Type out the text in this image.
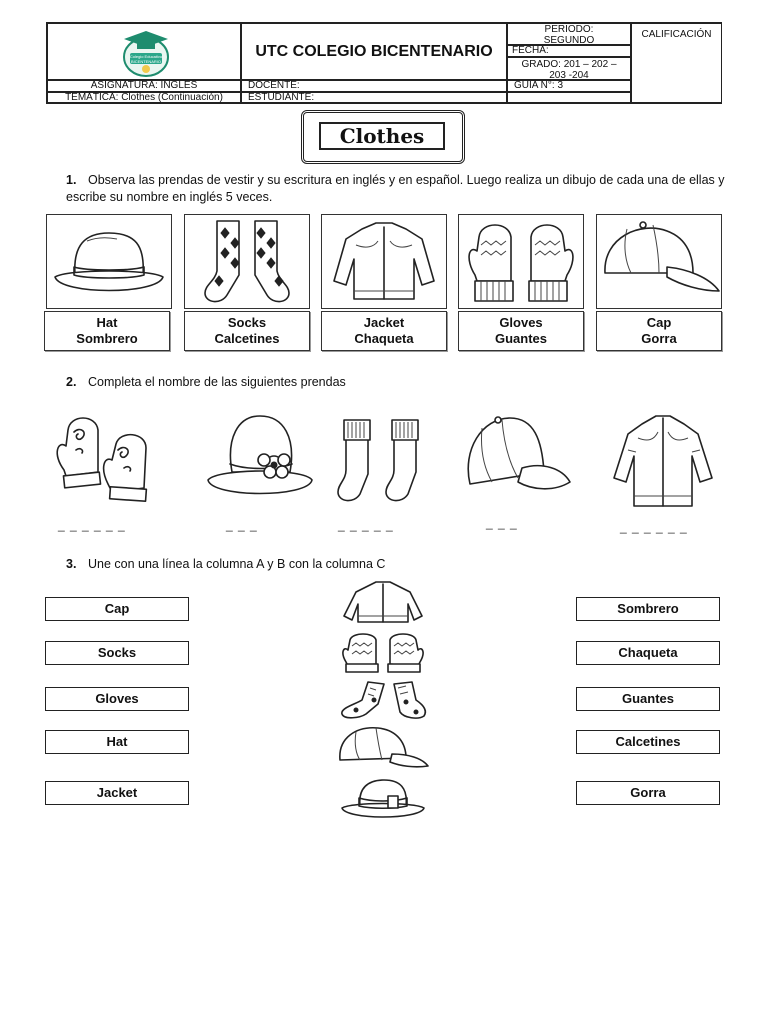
Colegio Educativo BICENTENARIO
UTC COLEGIO BICENTENARIO
PERIODO: SEGUNDO
CALIFICACIÓN
FECHA:
GRADO: 201 – 202 – 203 -204
ASIGNATURA: INGLES	DOCENTE:	GUIA N°: 3
TEMÁTICA: Clothes (Continuación)	ESTUDIANTE:
Clothes
1. Observa las prendas de vestir y su escritura en inglés y en español. Luego realiza un dibujo de cada una de ellas y escribe su nombre en inglés 5 veces.
Hat
Sombrero
Socks
Calcetines
Jacket
Chaqueta
Gloves
Guantes
Cap
Gorra
2. Completa el nombre de las siguientes prendas
_ _ _ _ _ _	_ _ _	_ _ _ _ _	_ _ _	_ _ _ _ _ _
3. Une con una línea la columna A y B con la columna C
Cap
Socks
Gloves
Hat
Jacket
Sombrero
Chaqueta
Guantes
Calcetines
Gorra
